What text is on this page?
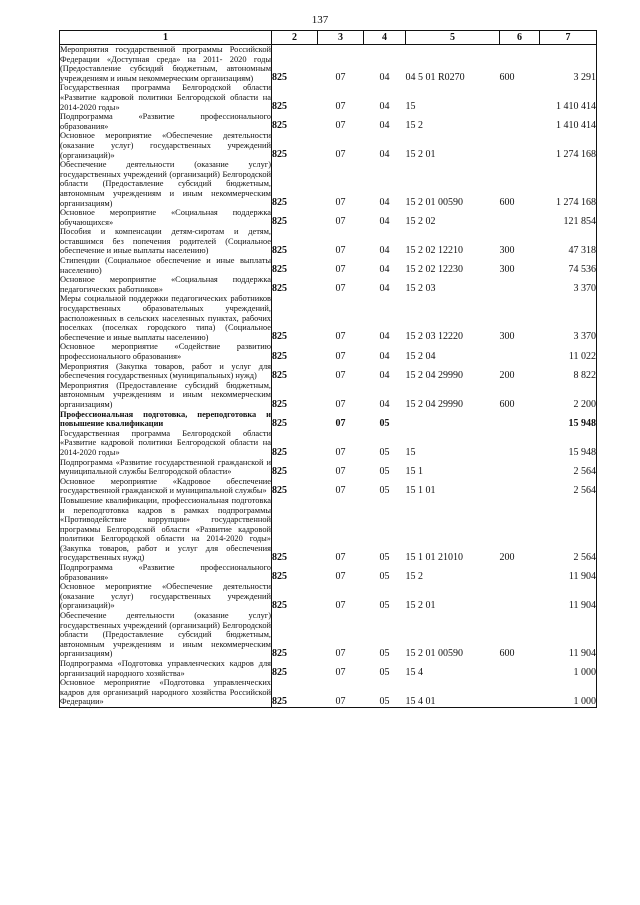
137
1	2	3	4	5	6	7
Мероприятия государственной программы Российской Федерации «Доступная среда» на 2011- 2020 годы (Предоставление субсидий бюджетным, автономным учреждениям и иным некоммерческим организациям)	825	07	04	04 5 01 R0270	600	3 291
Государственная программа Белгородской области «Развитие кадровой политики Белгородской области на 2014-2020 годы»	825	07	04	15		1 410 414
Подпрограмма «Развитие профессионального образования»	825	07	04	15 2		1 410 414
Основное мероприятие «Обеспечение деятельности (оказание услуг) государственных учреждений (организаций)»	825	07	04	15 2 01		1 274 168
Обеспечение деятельности (оказание услуг) государственных учреждений (организаций) Белгородской области (Предоставление субсидий бюджетным, автономным учреждениям и иным некоммерческим организациям)	825	07	04	15 2 01 00590	600	1 274 168
Основное мероприятие «Социальная поддержка обучающихся»	825	07	04	15 2 02		121 854
Пособия и компенсации детям-сиротам и детям, оставшимся без попечения родителей (Социальное обеспечение и иные выплаты населению)	825	07	04	15 2 02 12210	300	47 318
Стипендии (Социальное обеспечение и иные выплаты населению)	825	07	04	15 2 02 12230	300	74 536
Основное мероприятие «Социальная поддержка педагогических работников»	825	07	04	15 2 03		3 370
Меры социальной поддержки педагогических работников государственных образовательных учреждений, расположенных в сельских населенных пунктах, рабочих поселках (поселках городского типа) (Социальное обеспечение и иные выплаты населению)	825	07	04	15 2 03 12220	300	3 370
Основное мероприятие «Содействие развитию профессионального образования»	825	07	04	15 2 04		11 022
Мероприятия (Закупка товаров, работ и услуг для обеспечения государственных (муниципальных) нужд)	825	07	04	15 2 04 29990	200	8 822
Мероприятия (Предоставление субсидий бюджетным, автономным учреждениям и иным некоммерческим организациям)	825	07	04	15 2 04 29990	600	2 200
Профессиональная подготовка, переподготовка и повышение квалификации	825	07	05			15 948
Государственная программа Белгородской области «Развитие кадровой политики Белгородской области на 2014-2020 годы»	825	07	05	15		15 948
Подпрограмма «Развитие государственной гражданской и муниципальной службы Белгородской области»	825	07	05	15 1		2 564
Основное мероприятие «Кадровое обеспечение государственной гражданской и муниципальной службы»	825	07	05	15 1 01		2 564
Повышение квалификации, профессиональная подготовка и переподготовка кадров в рамках подпрограммы «Противодействие коррупции» государственной программы Белгородской области «Развитие кадровой политики Белгородской области на 2014-2020 годы» (Закупка товаров, работ и услуг для обеспечения государственных нужд)	825	07	05	15 1 01 21010	200	2 564
Подпрограмма «Развитие профессионального образования»	825	07	05	15 2		11 904
Основное мероприятие «Обеспечение деятельности (оказание услуг) государственных учреждений (организаций)»	825	07	05	15 2 01		11 904
Обеспечение деятельности (оказание услуг) государственных учреждений (организаций) Белгородской области (Предоставление субсидий бюджетным, автономным учреждениям и иным некоммерческим организациям)	825	07	05	15 2 01 00590	600	11 904
Подпрограмма «Подготовка управленческих кадров для организаций народного хозяйства»	825	07	05	15 4		1 000
Основное мероприятие «Подготовка управленческих кадров для организаций народного хозяйства Российской Федерации»	825	07	05	15 4 01		1 000
